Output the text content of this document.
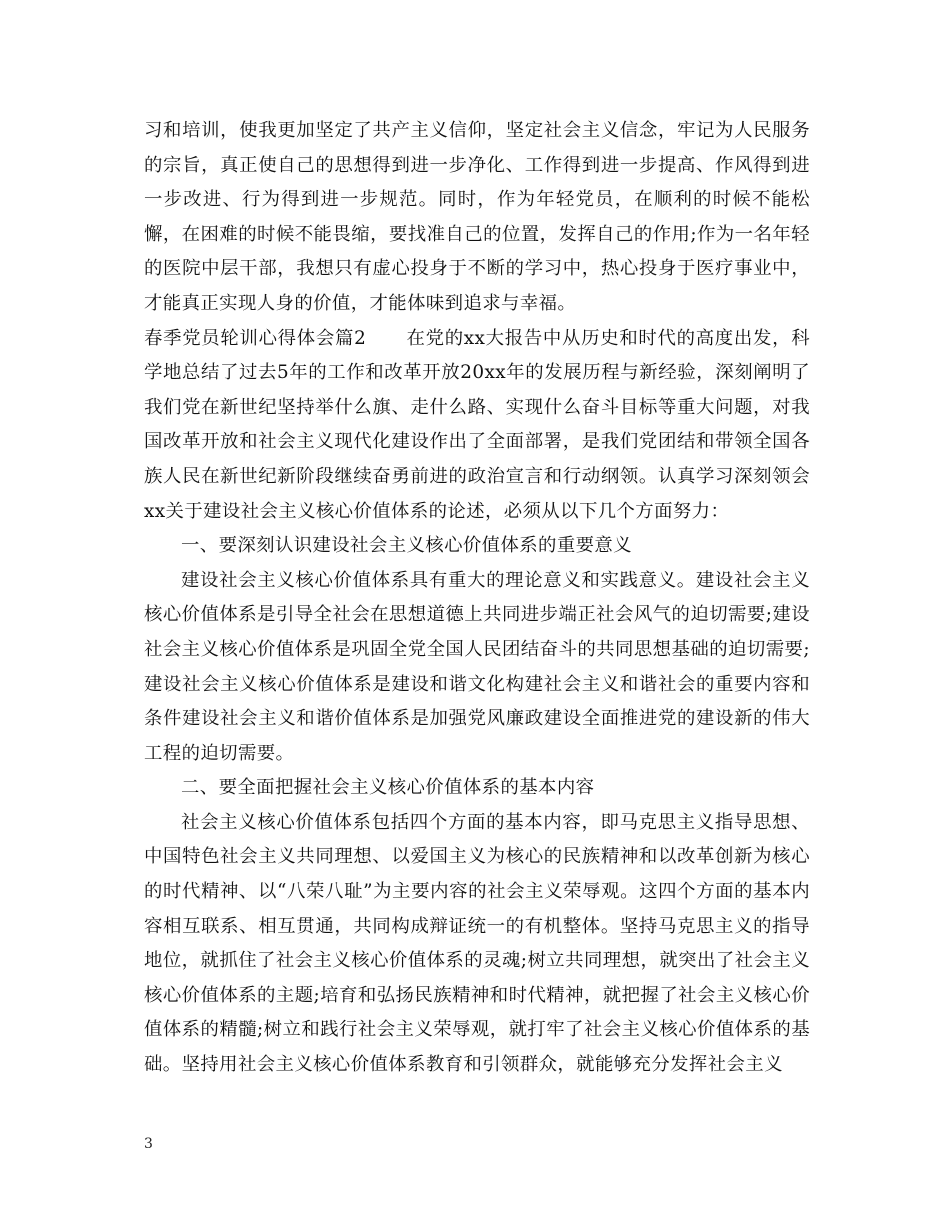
习和培训，使我更加坚定了共产主义信仰，坚定社会主义信念，牢记为人民服务的宗旨，真正使自己的思想得到进一步净化、工作得到进一步提高、作风得到进一步改进、行为得到进一步规范。同时，作为年轻党员，在顺利的时候不能松懈，在困难的时候不能畏缩，要找准自己的位置，发挥自己的作用;作为一名年轻的医院中层干部，我想只有虚心投身于不断的学习中，热心投身于医疗事业中，才能真正实现人身的价值，才能体味到追求与幸福。

春季党员轮训心得体会篇2 在党的xx大报告中从历史和时代的高度出发，科学地总结了过去5年的工作和改革开放20xx年的发展历程与新经验，深刻阐明了我们党在新世纪坚持举什么旗、走什么路、实现什么奋斗目标等重大问题，对我国改革开放和社会主义现代化建设作出了全面部署，是我们党团结和带领全国各族人民在新世纪新阶段继续奋勇前进的政治宣言和行动纲领。认真学习深刻领会xx关于建设社会主义核心价值体系的论述，必须从以下几个方面努力：

一、要深刻认识建设社会主义核心价值体系的重要意义

建设社会主义核心价值体系具有重大的理论意义和实践意义。建设社会主义核心价值体系是引导全社会在思想道德上共同进步端正社会风气的迫切需要;建设社会主义核心价值体系是巩固全党全国人民团结奋斗的共同思想基础的迫切需要;建设社会主义核心价值体系是建设和谐文化构建社会主义和谐社会的重要内容和条件建设社会主义和谐价值体系是加强党风廉政建设全面推进党的建设新的伟大工程的迫切需要。

二、要全面把握社会主义核心价值体系的基本内容

社会主义核心价值体系包括四个方面的基本内容，即马克思主义指导思想、中国特色社会主义共同理想、以爱国主义为核心的民族精神和以改革创新为核心的时代精神、以“八荣八耻”为主要内容的社会主义荣辱观。这四个方面的基本内容相互联系、相互贯通，共同构成辩证统一的有机整体。坚持马克思主义的指导地位，就抓住了社会主义核心价值体系的灵魂;树立共同理想，就突出了社会主义核心价值体系的主题;培育和弘扬民族精神和时代精神，就把握了社会主义核心价值体系的精髓;树立和践行社会主义荣辱观，就打牢了社会主义核心价值体系的基础。坚持用社会主义核心价值体系教育和引领群众，就能够充分发挥社会主义

3
